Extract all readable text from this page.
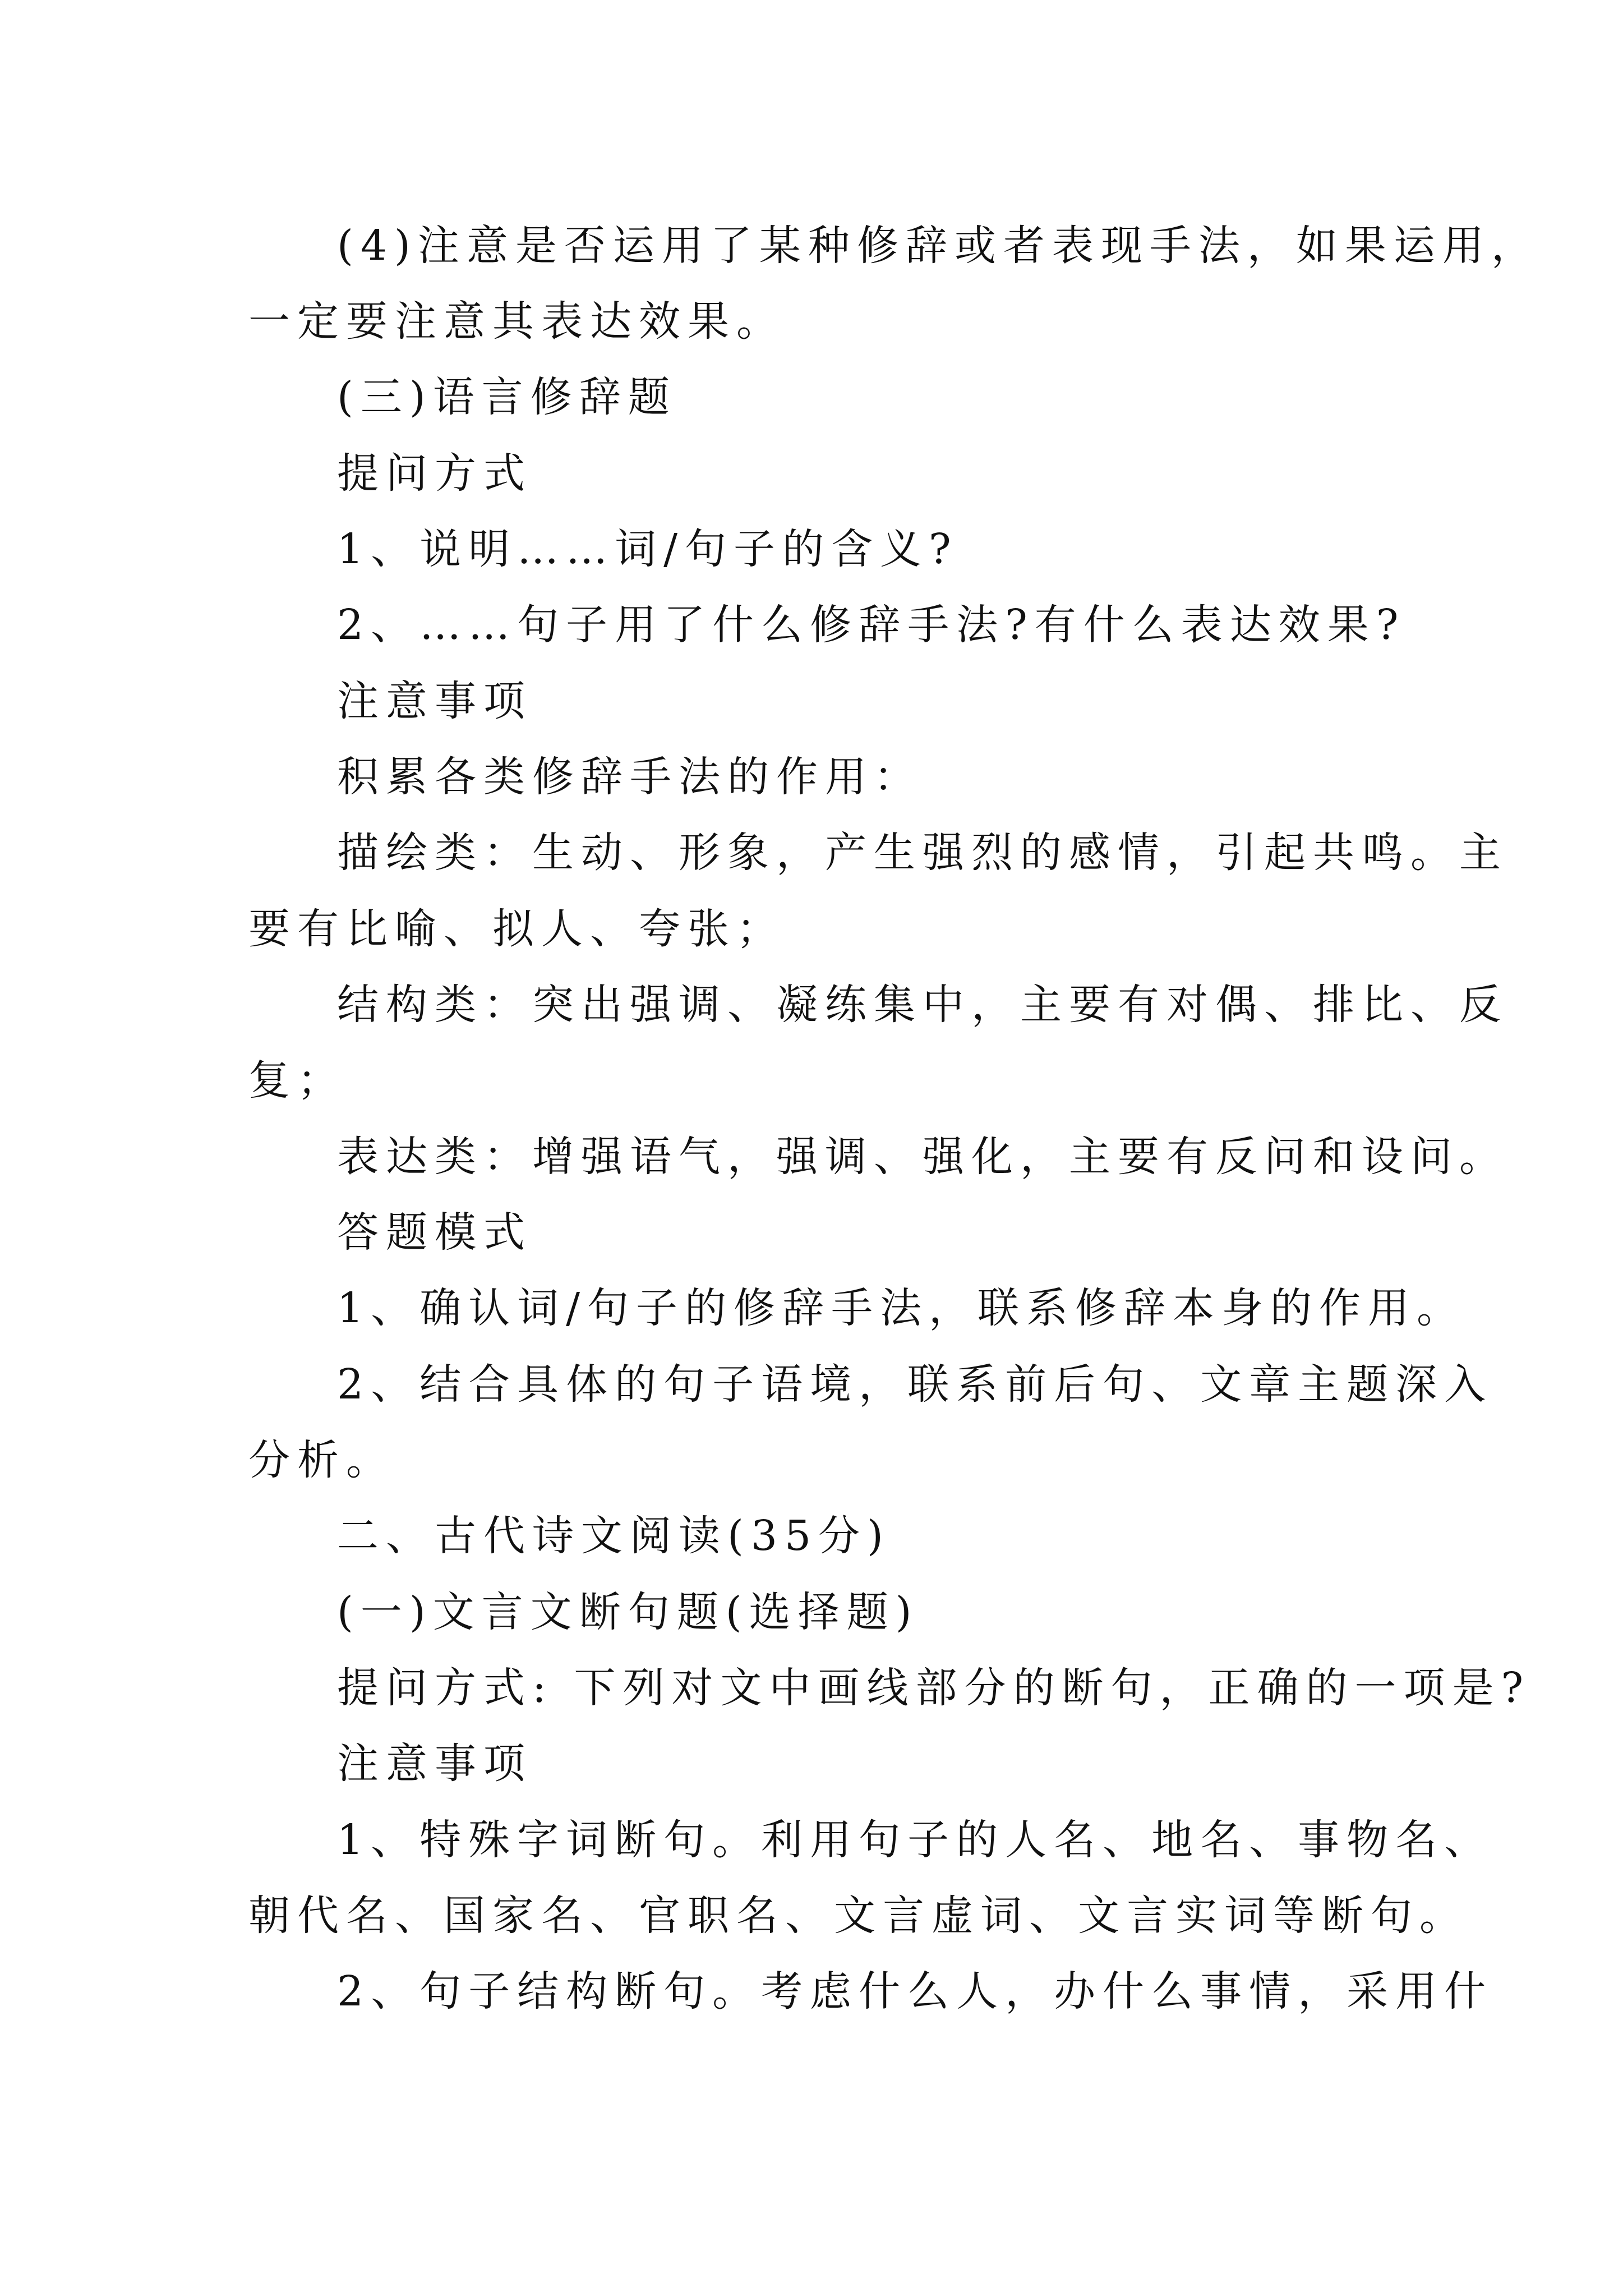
(4)注意是否运用了某种修辞或者表现手法，如果运用，
一定要注意其表达效果。
(三)语言修辞题
提问方式
1、说明……词/句子的含义?
2、……句子用了什么修辞手法?有什么表达效果?
注意事项
积累各类修辞手法的作用：
描绘类：生动、形象，产生强烈的感情，引起共鸣。主
要有比喻、拟人、夸张；
结构类：突出强调、凝练集中，主要有对偶、排比、反
复；
表达类：增强语气，强调、强化，主要有反问和设问。
答题模式
1、确认词/句子的修辞手法，联系修辞本身的作用。
2、结合具体的句子语境，联系前后句、文章主题深入
分析。
二、古代诗文阅读(35分)
(一)文言文断句题(选择题)
提问方式: 下列对文中画线部分的断句，正确的一项是?
注意事项
1、特殊字词断句。利用句子的人名、地名、事物名、
朝代名、国家名、官职名、文言虚词、文言实词等断句。
2、句子结构断句。考虑什么人，办什么事情，采用什
